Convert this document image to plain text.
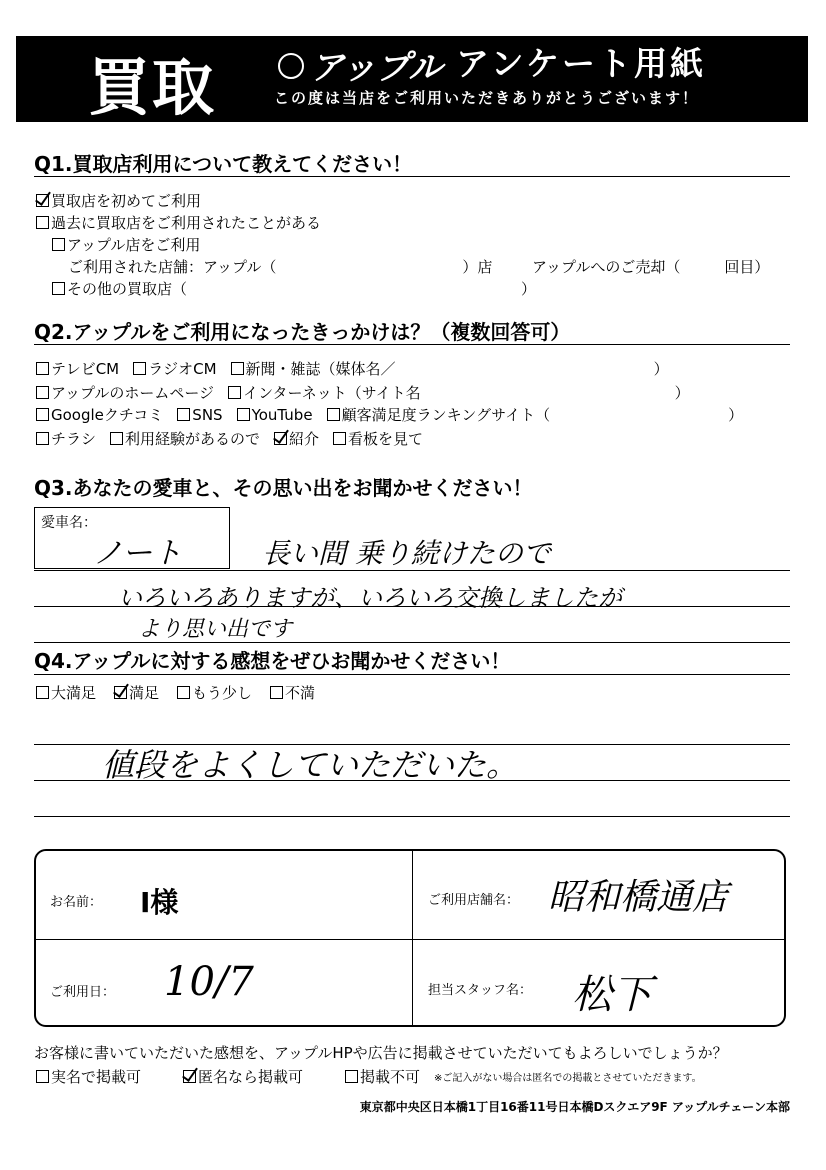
買取	アップル アンケート用紙
この度は当店をご利用いただきありがとうございます！
Q1.買取店利用について教えてください！
買取店を初めてご利用
過去に買取店をご利用されたことがある
アップル店をご利用
ご利用された店舗：アップル（	）店	アップルへのご売却（	回目）
その他の買取店（	）
Q2.アップルをご利用になったきっかけは？（複数回答可）
テレビCM ラジオCM 新聞・雑誌（媒体名／	）
アップルのホームページ インターネット（サイト名	）
Googleクチコミ SNS YouTube 顧客満足度ランキングサイト（	）
チラシ 利用経験があるので 紹介 看板を見て
Q3.あなたの愛車と、その思い出をお聞かせください！
愛車名：
ノート	長い間 乗り続けたので
いろいろありますが、いろいろ交換しましたが
より思い出です
Q4.アップルに対する感想をぜひお聞かせください！
大満足 満足 もう少し 不満
値段をよくしていただいた。
お名前： I様	ご利用店舗名： 昭和橋通店
ご利用日： 10/7	担当スタッフ名： 松下
お客様に書いていただいた感想を、アップルHPや広告に掲載させていただいてもよろしいでしょうか？
実名で掲載可	匿名なら掲載可	掲載不可 ※ご記入がない場合は匿名での掲載とさせていただきます。
東京都中央区日本橋1丁目16番11号日本橋Dスクエア9F アップルチェーン本部
